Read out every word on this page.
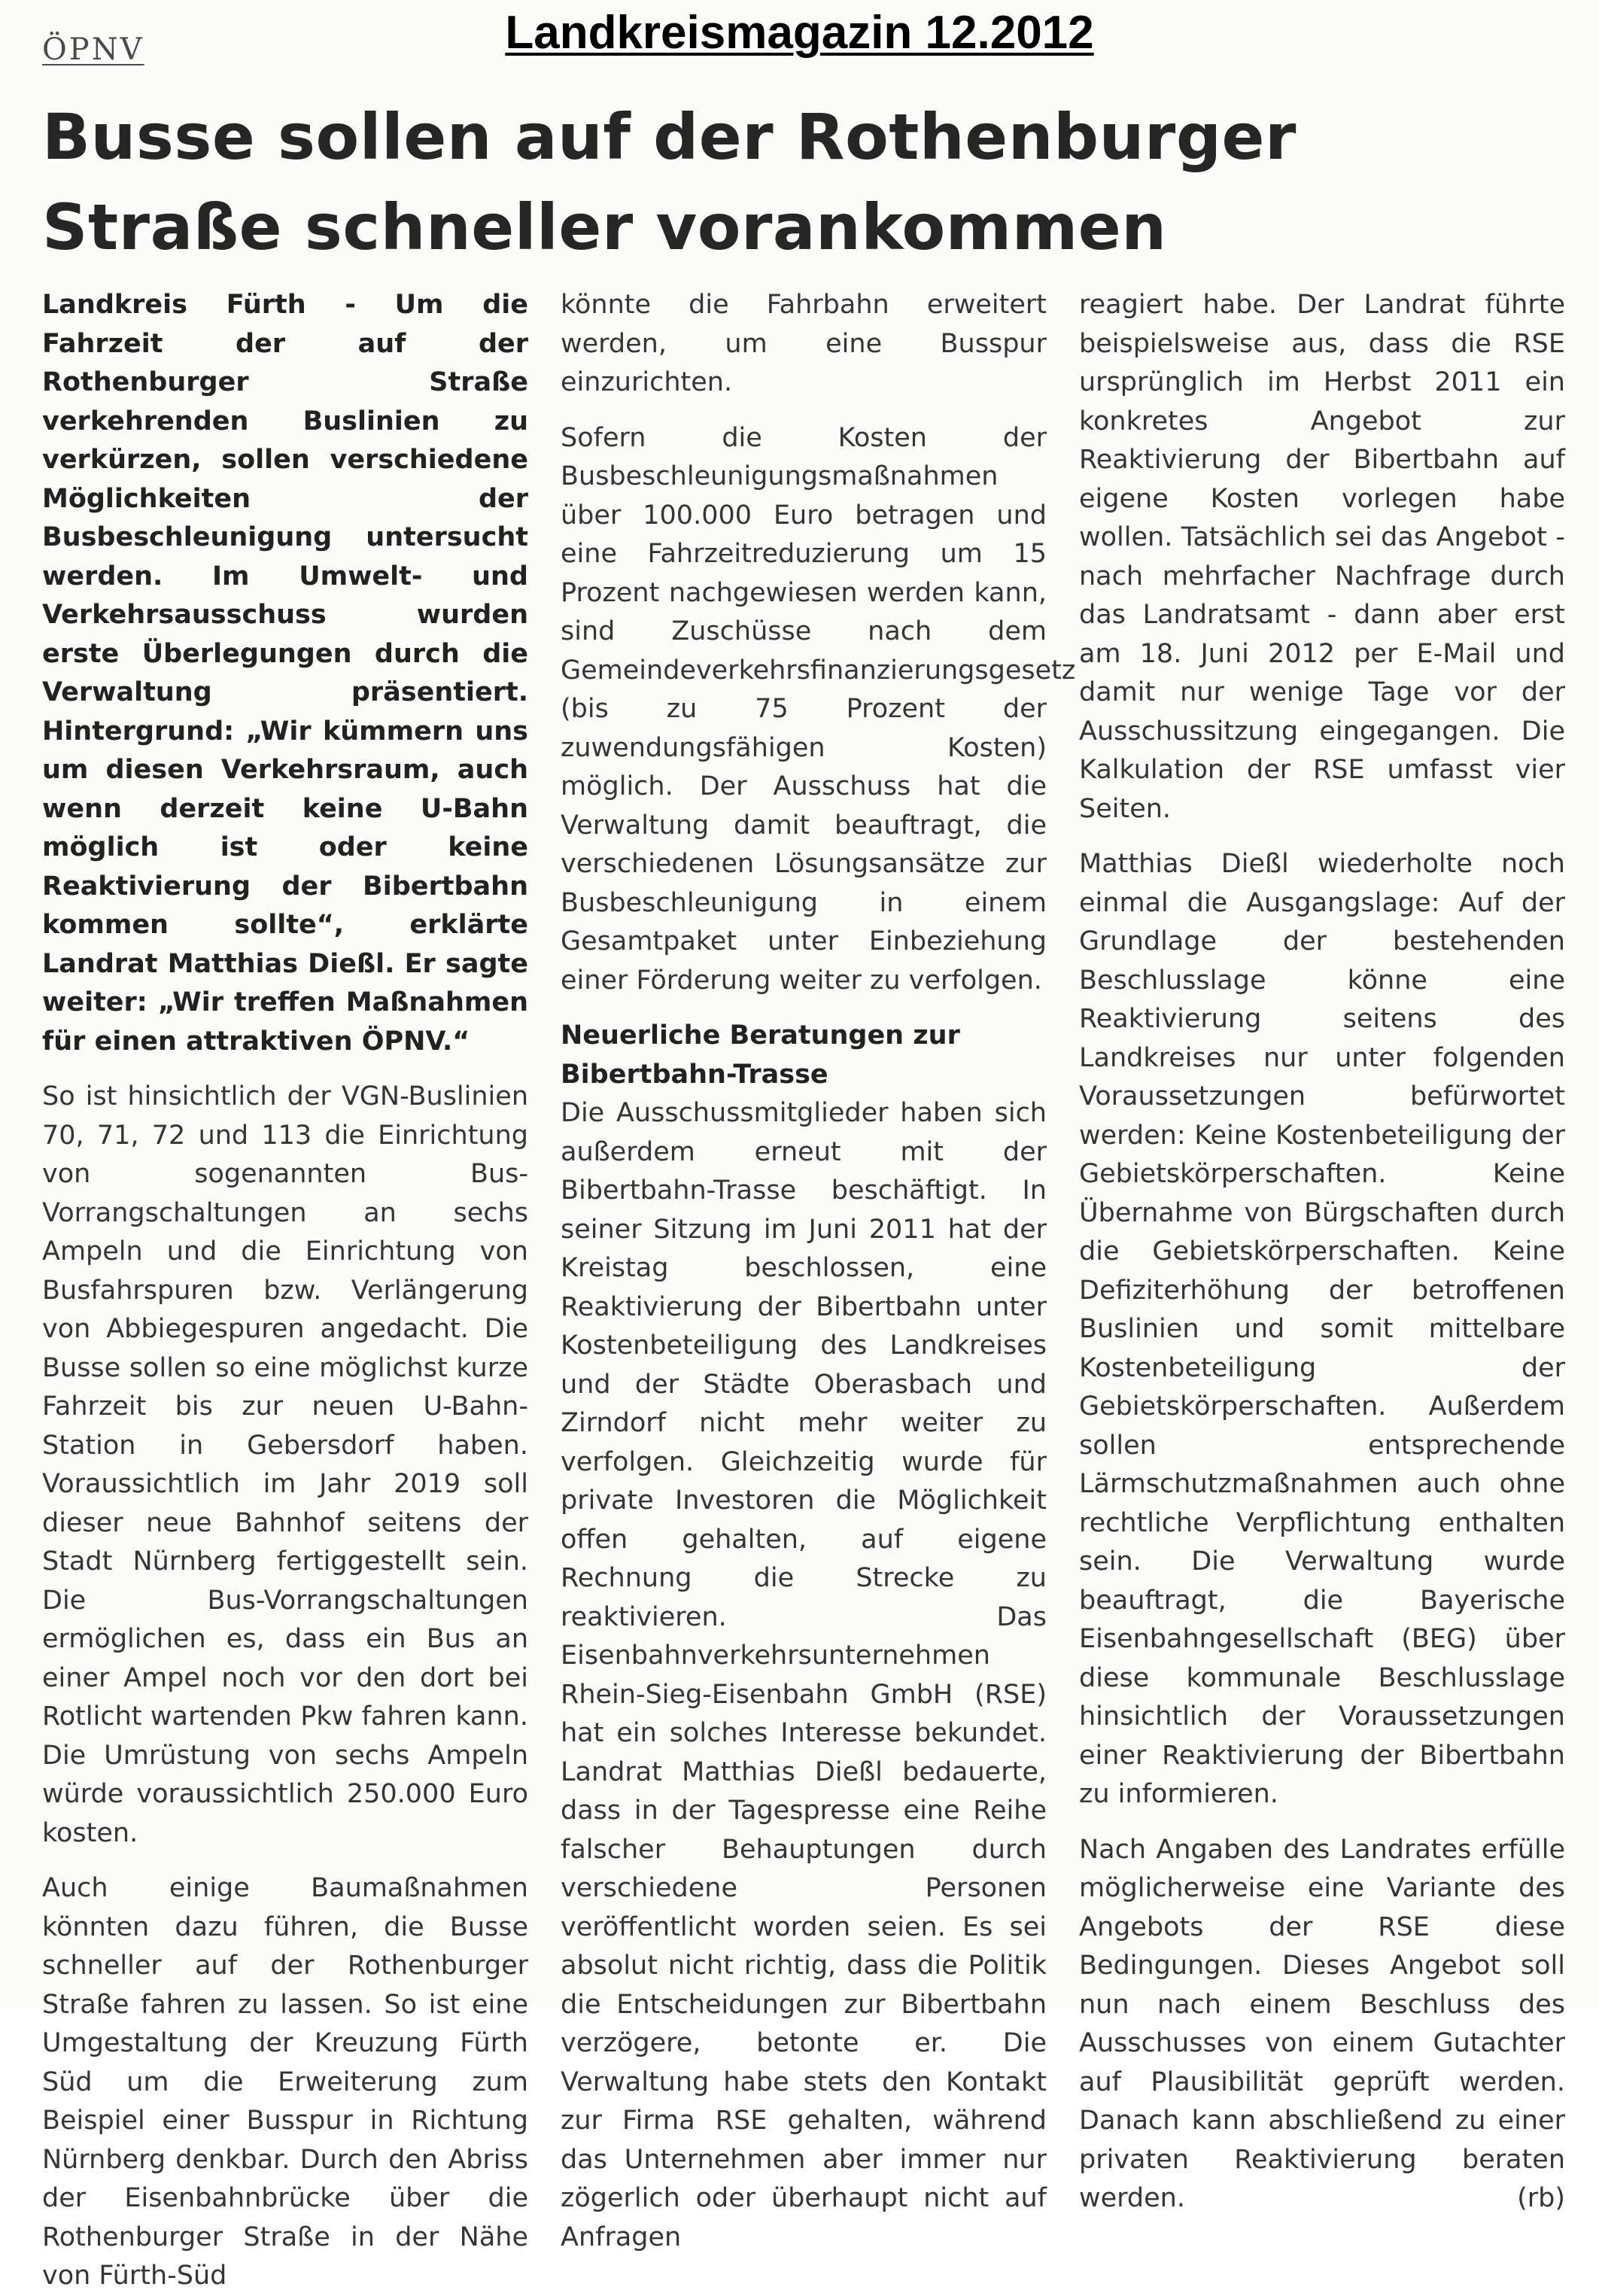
Landkreismagazin 12.2012
ÖPNV
Busse sollen auf der Rothenburger Straße schneller vorankommen

Landkreis Fürth - Um die Fahrzeit der auf der Rothenburger Straße verkehrenden Buslinien zu verkürzen, sollen verschiedene Möglichkeiten der Busbeschleunigung untersucht werden. Im Umwelt- und Verkehrsausschuss wurden erste Überlegungen durch die Verwaltung präsentiert. Hintergrund: „Wir kümmern uns um diesen Verkehrsraum, auch wenn derzeit keine U-Bahn möglich ist oder keine Reaktivierung der Bibertbahn kommen sollte“, erklärte Landrat Matthias Dießl. Er sagte weiter: „Wir treffen Maßnahmen für einen attraktiven ÖPNV.“

So ist hinsichtlich der VGN-Buslinien 70, 71, 72 und 113 die Einrichtung von sogenannten Bus-Vorrangschaltungen an sechs Ampeln und die Einrichtung von Busfahrspuren bzw. Verlängerung von Abbiegespuren angedacht. Die Busse sollen so eine möglichst kurze Fahrzeit bis zur neuen U-Bahn-Station in Gebersdorf haben. Voraussichtlich im Jahr 2019 soll dieser neue Bahnhof seitens der Stadt Nürnberg fertiggestellt sein. Die Bus-Vorrangschaltungen ermöglichen es, dass ein Bus an einer Ampel noch vor den dort bei Rotlicht wartenden Pkw fahren kann. Die Umrüstung von sechs Ampeln würde voraussichtlich 250.000 Euro kosten.

Auch einige Baumaßnahmen könnten dazu führen, die Busse schneller auf der Rothenburger Straße fahren zu lassen. So ist eine Umgestaltung der Kreuzung Fürth Süd um die Erweiterung zum Beispiel einer Busspur in Richtung Nürnberg denkbar. Durch den Abriss der Eisenbahnbrücke über die Rothenburger Straße in der Nähe von Fürth-Süd

könnte die Fahrbahn erweitert werden, um eine Busspur einzurichten.

Sofern die Kosten der Busbeschleunigungsmaßnahmen über 100.000 Euro betragen und eine Fahrzeitreduzierung um 15 Prozent nachgewiesen werden kann, sind Zuschüsse nach dem Gemeindeverkehrsfinanzierungsgesetz (bis zu 75 Prozent der zuwendungsfähigen Kosten) möglich. Der Ausschuss hat die Verwaltung damit beauftragt, die verschiedenen Lösungsansätze zur Busbeschleunigung in einem Gesamtpaket unter Einbeziehung einer Förderung weiter zu verfolgen.

Neuerliche Beratungen zur Bibertbahn-Trasse

Die Ausschussmitglieder haben sich außerdem erneut mit der Bibertbahn-Trasse beschäftigt. In seiner Sitzung im Juni 2011 hat der Kreistag beschlossen, eine Reaktivierung der Bibertbahn unter Kostenbeteiligung des Landkreises und der Städte Oberasbach und Zirndorf nicht mehr weiter zu verfolgen. Gleichzeitig wurde für private Investoren die Möglichkeit offen gehalten, auf eigene Rechnung die Strecke zu reaktivieren. Das Eisenbahnverkehrsunternehmen Rhein-Sieg-Eisenbahn GmbH (RSE) hat ein solches Interesse bekundet. Landrat Matthias Dießl bedauerte, dass in der Tagespresse eine Reihe falscher Behauptungen durch verschiedene Personen veröffentlicht worden seien. Es sei absolut nicht richtig, dass die Politik die Entscheidungen zur Bibertbahn verzögere, betonte er. Die Verwaltung habe stets den Kontakt zur Firma RSE gehalten, während das Unternehmen aber immer nur zögerlich oder überhaupt nicht auf Anfragen

reagiert habe. Der Landrat führte beispielsweise aus, dass die RSE ursprünglich im Herbst 2011 ein konkretes Angebot zur Reaktivierung der Bibertbahn auf eigene Kosten vorlegen habe wollen. Tatsächlich sei das Angebot - nach mehrfacher Nachfrage durch das Landratsamt - dann aber erst am 18. Juni 2012 per E-Mail und damit nur wenige Tage vor der Ausschussitzung eingegangen. Die Kalkulation der RSE umfasst vier Seiten.

Matthias Dießl wiederholte noch einmal die Ausgangslage: Auf der Grundlage der bestehenden Beschlusslage könne eine Reaktivierung seitens des Landkreises nur unter folgenden Voraussetzungen befürwortet werden: Keine Kostenbeteiligung der Gebietskörperschaften. Keine Übernahme von Bürgschaften durch die Gebietskörperschaften. Keine Defiziterhöhung der betroffenen Buslinien und somit mittelbare Kostenbeteiligung der Gebietskörperschaften. Außerdem sollen entsprechende Lärmschutzmaßnahmen auch ohne rechtliche Verpflichtung enthalten sein. Die Verwaltung wurde beauftragt, die Bayerische Eisenbahngesellschaft (BEG) über diese kommunale Beschlusslage hinsichtlich der Voraussetzungen einer Reaktivierung der Bibertbahn zu informieren.

Nach Angaben des Landrates erfülle möglicherweise eine Variante des Angebots der RSE diese Bedingungen. Dieses Angebot soll nun nach einem Beschluss des Ausschusses von einem Gutachter auf Plausibilität geprüft werden. Danach kann abschließend zu einer privaten Reaktivierung beraten werden.	(rb)
